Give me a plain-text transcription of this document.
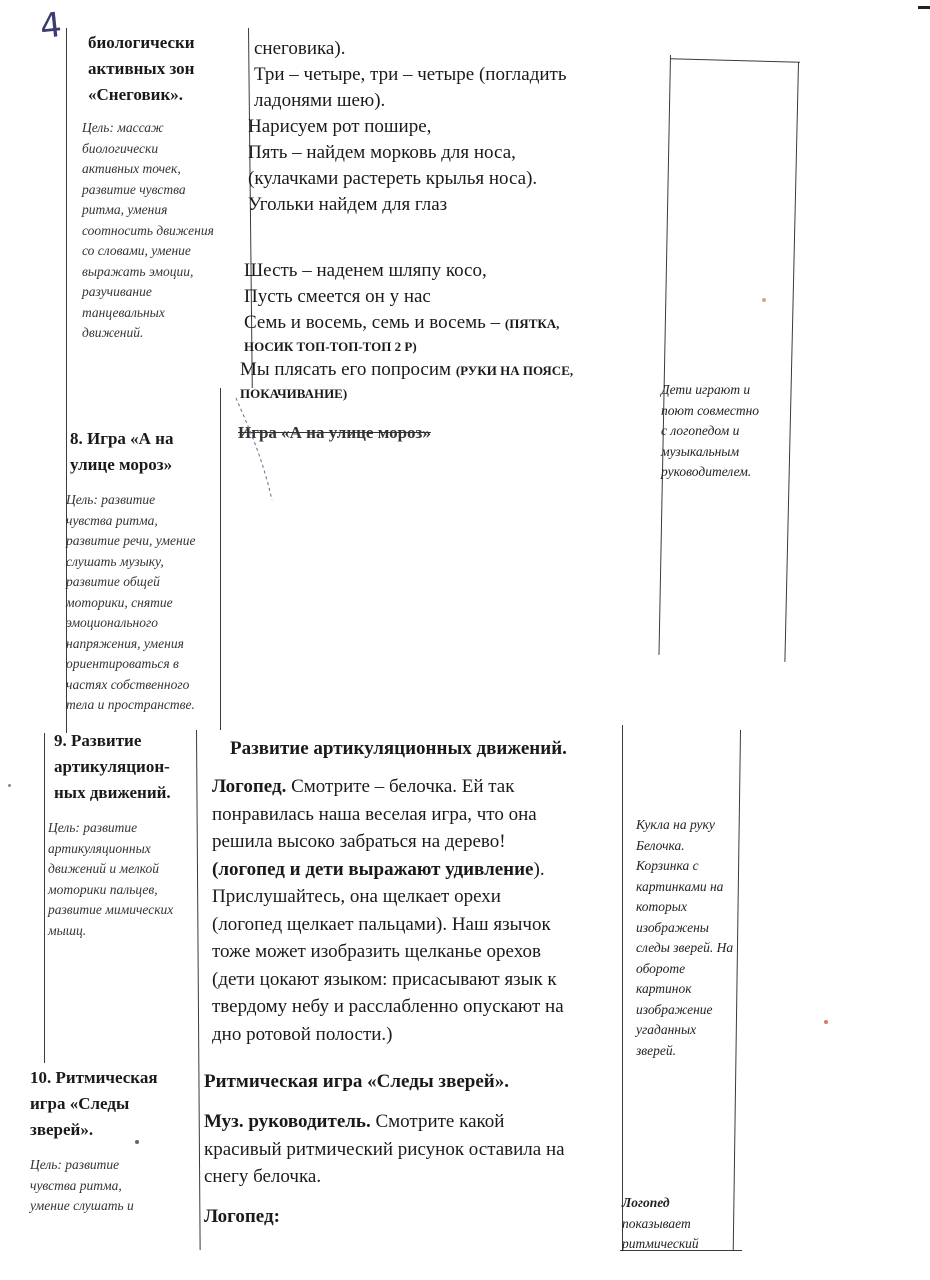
4 биологически
активных зон
«Снеговик».
Цель: массаж
биологически
активных точек,
развитие чувства
ритма, умения
соотносить движения
со словами, умение
выражать эмоции,
разучивание
танцевальных
движений.
8. Игра «А на
улице мороз»
Цель: развитие
чувства ритма,
развитие речи, умение
слушать музыку,
развитие общей
моторики, снятие
эмоционального
напряжения, умения
ориентироваться в
частях собственного
тела и пространстве.
9. Развитие
артикуляцион-
ных движений.
Цель: развитие
артикуляционных
движений и мелкой
моторики пальцев,
развитие мимических
мышц.
10. Ритмическая
игра «Следы
зверей».
Цель: развитие
чувства ритма,
умение слушать и
снеговика).
Три – четыре, три – четыре (погладить
ладонями шею).
Нарисуем рот пошире,
Пять – найдем морковь для носа,
(кулачками растереть крылья носа).
Угольки найдем для глаз
Шесть – наденем шляпу косо,
Пусть смеется он у нас
Семь и восемь, семь и восемь – (ПЯТКА,
НОСИК ТОП-ТОП-ТОП 2 Р)
Мы плясать его попросим (РУКИ НА ПОЯСЕ,
ПОКАЧИВАНИЕ)
Игра «А на улице мороз»
Развитие артикуляционных движений.
Логопед. Смотрите – белочка. Ей так
понравилась наша веселая игра, что она
решила высоко забраться на дерево!
(логопед и дети выражают удивление).
Прислушайтесь, она щелкает орехи
(логопед щелкает пальцами). Наш язычок
тоже может изобразить щелканье орехов
(дети цокают языком: присасывают язык к
твердому небу и расслабленно опускают на
дно ротовой полости.)
Ритмическая игра «Следы зверей».
Муз. руководитель. Смотрите какой
красивый ритмический рисунок оставила на
снегу белочка.
Логопед:
Дети играют и
поют совместно
с логопедом и
музыкальным
руководителем.
Кукла на руку
Белочка.
Корзинка с
картинками на
которых
изображены
следы зверей. На
обороте
картинок
изображение
угаданных
зверей.
Логопед
показывает
ритмический
